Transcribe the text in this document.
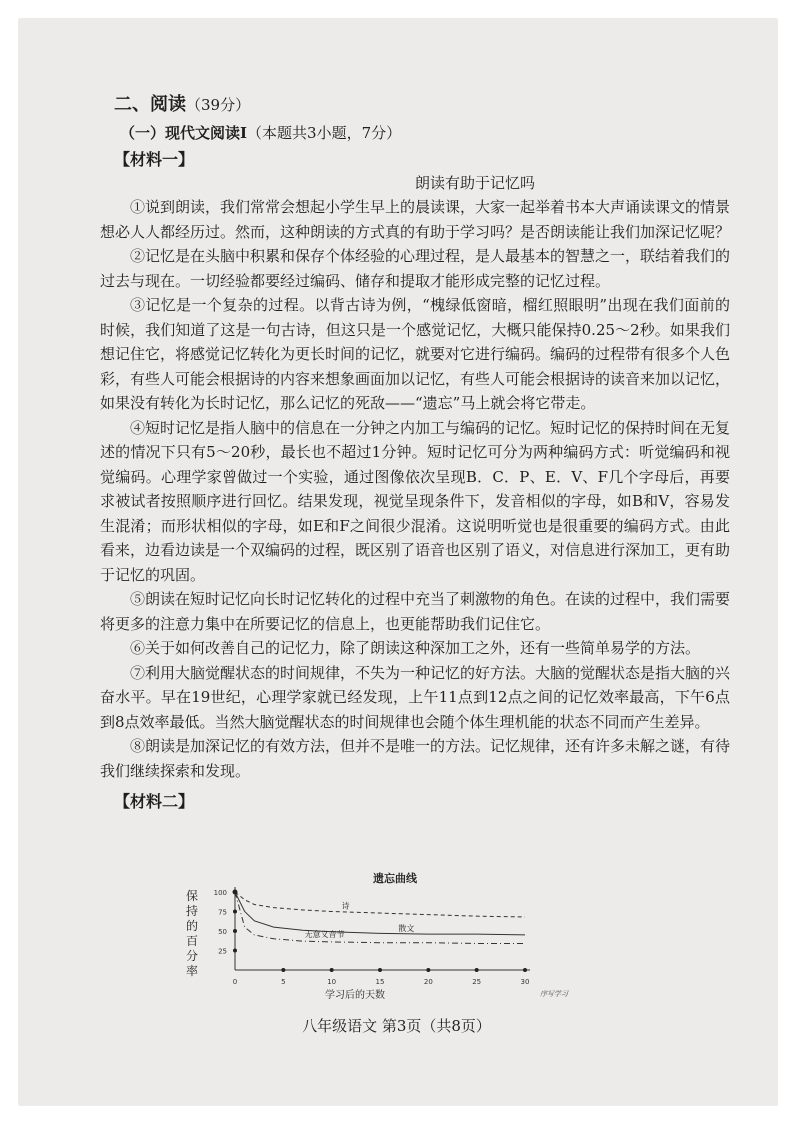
二、阅读（39分）
（一）现代文阅读Ⅰ（本题共3小题，7分）
【材料一】
朗读有助于记忆吗

①说到朗读，我们常常会想起小学生早上的晨读课，大家一起举着书本大声诵读课文的情景想必人人都经历过。然而，这种朗读的方式真的有助于学习吗？是否朗读能让我们加深记忆呢？

②记忆是在头脑中积累和保存个体经验的心理过程，是人最基本的智慧之一，联结着我们的过去与现在。一切经验都要经过编码、储存和提取才能形成完整的记忆过程。

③记忆是一个复杂的过程。以背古诗为例，“槐绿低窗暗，榴红照眼明”出现在我们面前的时候，我们知道了这是一句古诗，但这只是一个感觉记忆，大概只能保持0.25～2秒。如果我们想记住它，将感觉记忆转化为更长时间的记忆，就要对它进行编码。编码的过程带有很多个人色彩，有些人可能会根据诗的内容来想象画面加以记忆，有些人可能会根据诗的读音来加以记忆，如果没有转化为长时记忆，那么记忆的死敌——“遗忘”马上就会将它带走。

④短时记忆是指人脑中的信息在一分钟之内加工与编码的记忆。短时记忆的保持时间在无复述的情况下只有5～20秒，最长也不超过1分钟。短时记忆可分为两种编码方式：听觉编码和视觉编码。心理学家曾做过一个实验，通过图像依次呈现B．C．P、E．V、F几个字母后，再要求被试者按照顺序进行回忆。结果发现，视觉呈现条件下，发音相似的字母，如B和V，容易发生混淆；而形状相似的字母，如E和F之间很少混淆。这说明听觉也是很重要的编码方式。由此看来，边看边读是一个双编码的过程，既区别了语音也区别了语义，对信息进行深加工，更有助于记忆的巩固。

⑤朗读在短时记忆向长时记忆转化的过程中充当了刺激物的角色。在读的过程中，我们需要将更多的注意力集中在所要记忆的信息上，也更能帮助我们记住它。

⑥关于如何改善自己的记忆力，除了朗读这种深加工之外，还有一些简单易学的方法。

⑦利用大脑觉醒状态的时间规律，不失为一种记忆的好方法。大脑的觉醒状态是指大脑的兴奋水平。早在19世纪，心理学家就已经发现，上午11点到12点之间的记忆效率最高，下午6点到8点效率最低。当然大脑觉醒状态的时间规律也会随个体生理机能的状态不同而产生差异。

⑧朗读是加深记忆的有效方法，但并不是唯一的方法。记忆规律，还有许多未解之谜，有待我们继续探索和发现。

【材料二】
遗忘曲线
保
持
的
百
分
率
25
50
75
100
0	5	10	15	20	25	30
学习后的天数	序写学习
诗
散文
无意义音节
八年级语文 第3页（共8页）
